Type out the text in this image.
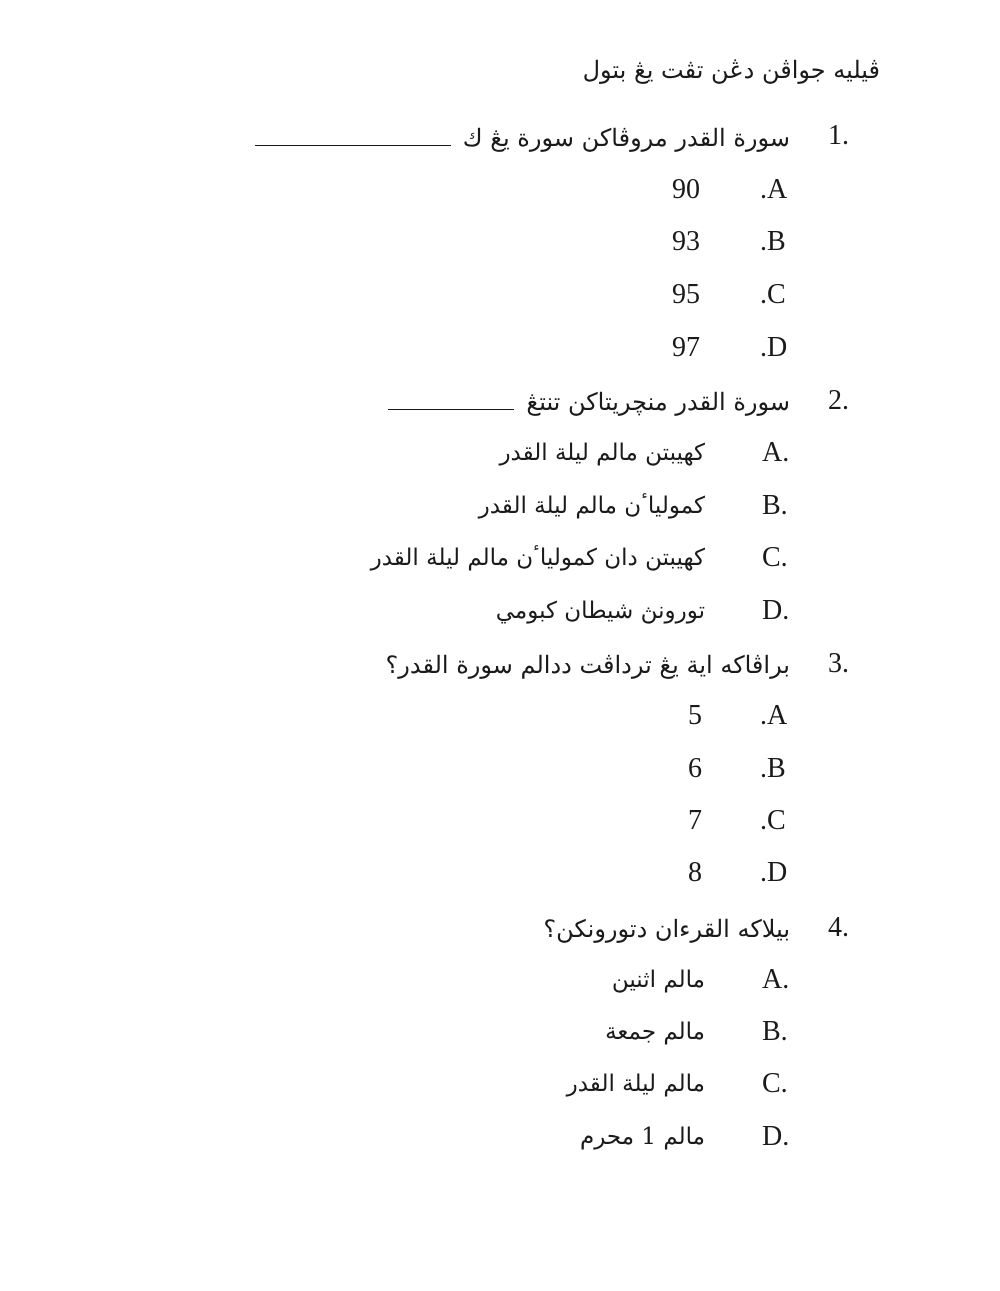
ڤيليه جواڤن دڠن تڤت يڠ بتول
1.
سورة القدر مروڤاكن سورة يڠ ك
.A
90
.B
93
.C
95
.D
97
2.
سورة القدر منچريتاكن تنتڠ
A.
كهيبتن مالم ليلة القدر
B.
كمولياٴن مالم ليلة القدر
C.
كهيبتن دان كمولياٴن مالم ليلة القدر
D.
تورونڽ شيطان كبومي
3.
براڤاكه اية يڠ ترداڤت ددالم سورة القدر؟
.A
5
.B
6
.C
7
.D
8
4.
بيلاكه القرءان دتورونكن؟
A.
مالم اثنين
B.
مالم جمعة
C.
مالم ليلة القدر
D.
مالم 1 محرم
